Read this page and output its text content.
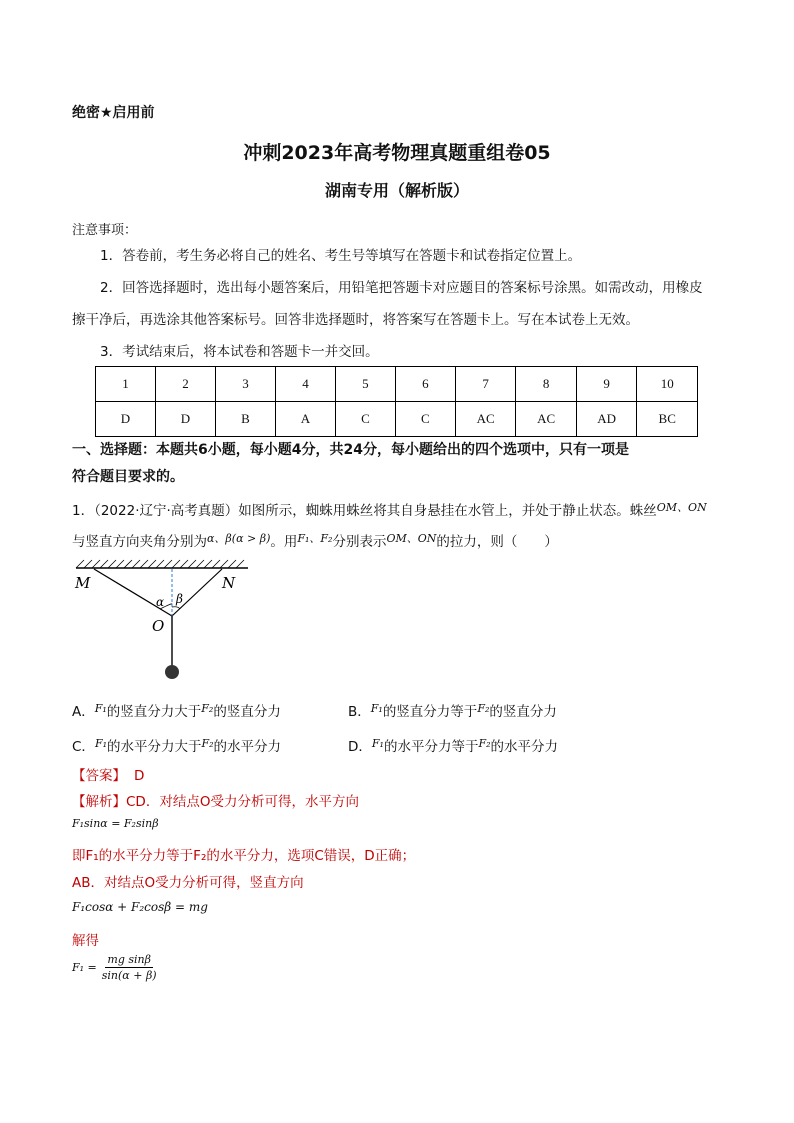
绝密★启用前
冲刺2023年高考物理真题重组卷05
湖南专用（解析版）
注意事项：
1．答卷前，考生务必将自己的姓名、考生号等填写在答题卡和试卷指定位置上。
2．回答选择题时，选出每小题答案后，用铅笔把答题卡对应题目的答案标号涂黑。如需改动，用橡皮
擦干净后，再选涂其他答案标号。回答非选择题时，将答案写在答题卡上。写在本试卷上无效。
3．考试结束后，将本试卷和答题卡一并交回。
1	2	3	4	5	6	7	8	9	10
D	D	B	A	C	C	AC	AC	AD	BC
一、选择题：本题共6小题，每小题4分，共24分，每小题给出的四个选项中，只有一项是
符合题目要求的。
1．（2022·辽宁·高考真题）如图所示，蜘蛛用蛛丝将其自身悬挂在水管上，并处于静止状态。蛛丝$^{OM、ON}$
与竖直方向夹角分别为$^{\alpha、\beta(\alpha > \beta)}$。用$^{F_1、F_2}$分别表示$^{OM、ON}$的拉力，则（　　）
M	N
O
α β
A．$^{F_1}$的竖直分力大于$^{F_2}$的竖直分力	B．$^{F_1}$的竖直分力等于$^{F_2}$的竖直分力
C．$^{F_1}$的水平分力大于$^{F_2}$的水平分力	D．$^{F_1}$的水平分力等于$^{F_2}$的水平分力
【答案】 D
【解析】CD．对结点O受力分析可得，水平方向
F₁sinα = F₂sinβ
即F₁的水平分力等于F₂的水平分力，选项C错误，D正确；
AB．对结点O受力分析可得，竖直方向
F₁cosα + F₂cosβ = mg
解得
$F_1 = \frac{\text{mg sinβ}}{\sin(\alpha + \beta)}$
